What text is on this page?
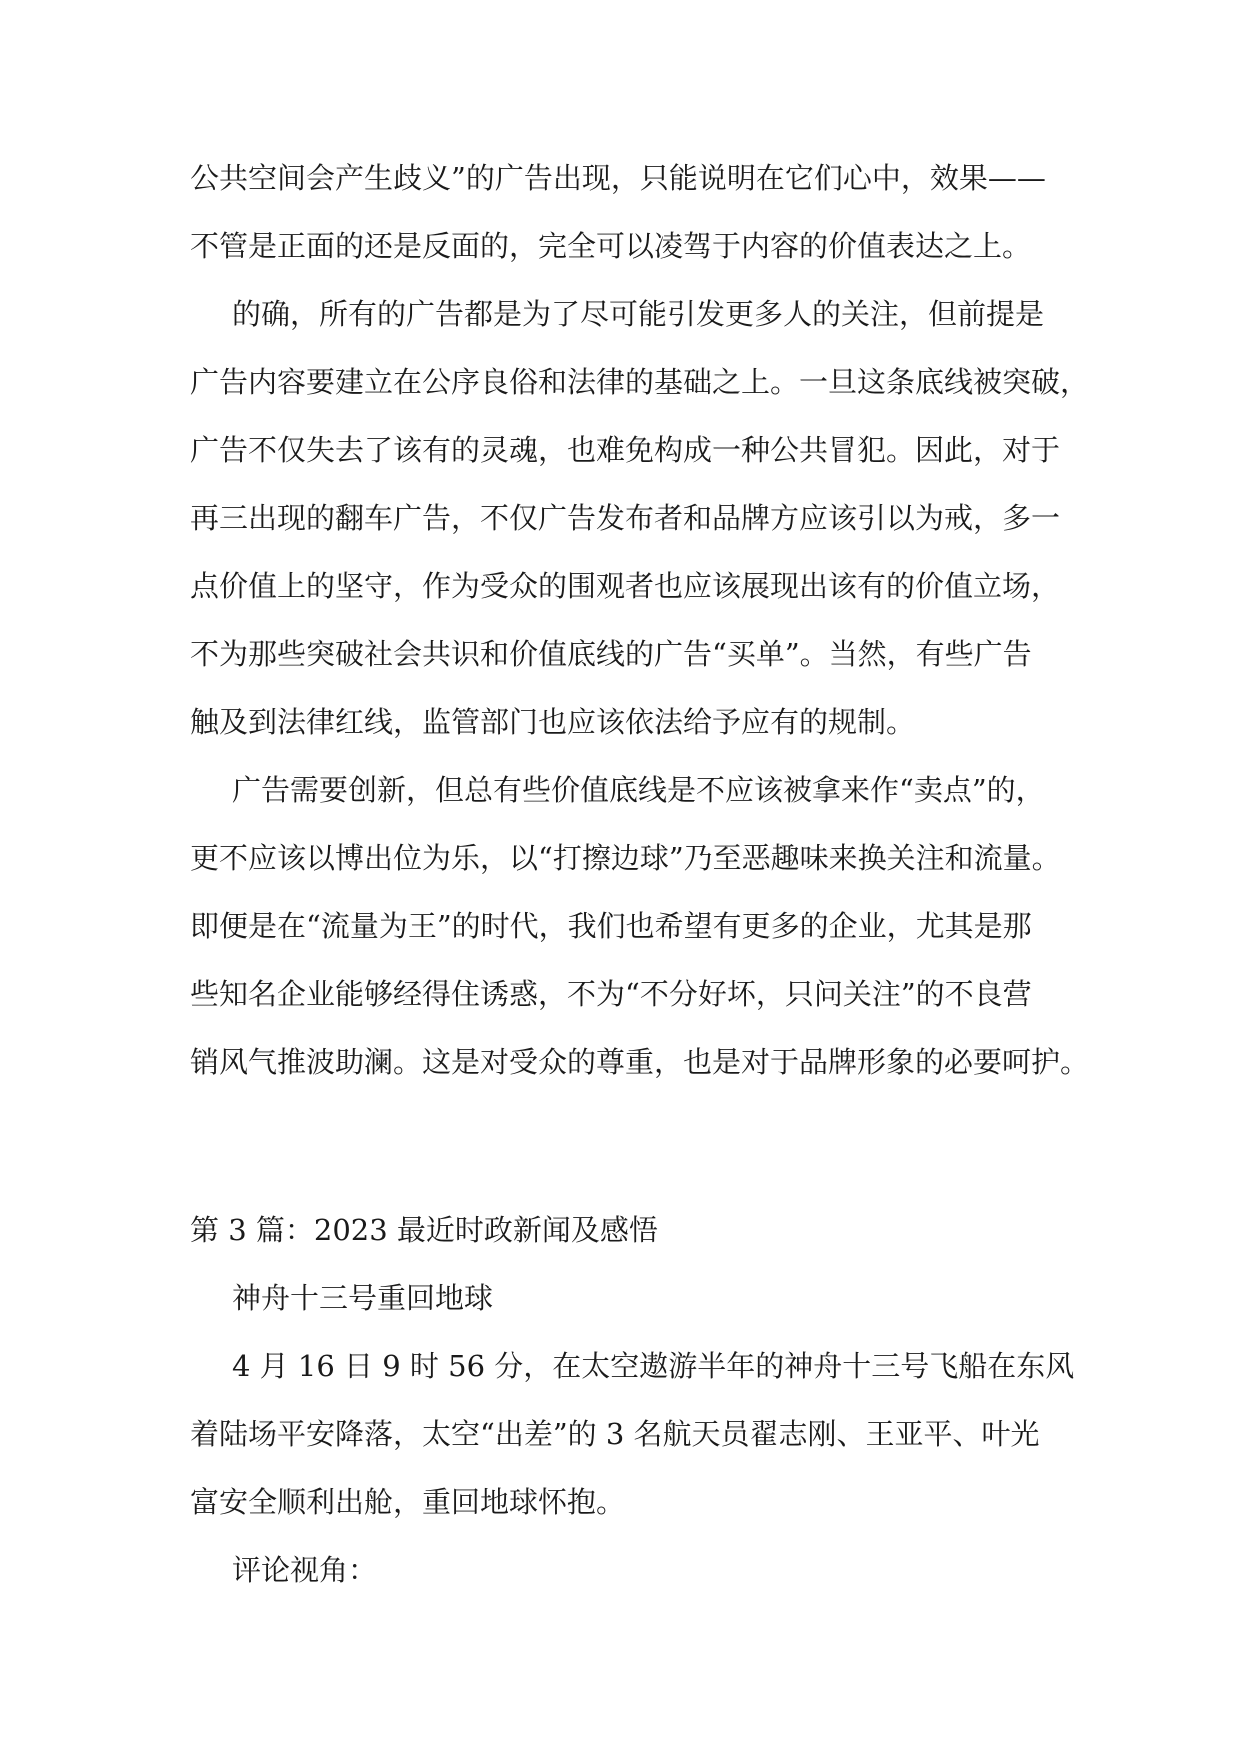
公共空间会产生歧义”的广告出现，只能说明在它们心中，效果——
不管是正面的还是反面的，完全可以凌驾于内容的价值表达之上。
的确，所有的广告都是为了尽可能引发更多人的关注，但前提是
广告内容要建立在公序良俗和法律的基础之上。一旦这条底线被突破，
广告不仅失去了该有的灵魂，也难免构成一种公共冒犯。因此，对于
再三出现的翻车广告，不仅广告发布者和品牌方应该引以为戒，多一
点价值上的坚守，作为受众的围观者也应该展现出该有的价值立场，
不为那些突破社会共识和价值底线的广告“买单”。当然，有些广告
触及到法律红线，监管部门也应该依法给予应有的规制。
广告需要创新，但总有些价值底线是不应该被拿来作“卖点”的，
更不应该以博出位为乐，以“打擦边球”乃至恶趣味来换关注和流量。
即便是在“流量为王”的时代，我们也希望有更多的企业，尤其是那
些知名企业能够经得住诱惑，不为“不分好坏，只问关注”的不良营
销风气推波助澜。这是对受众的尊重，也是对于品牌形象的必要呵护。
第 3 篇：2023 最近时政新闻及感悟
神舟十三号重回地球
4 月 16 日 9 时 56 分，在太空遨游半年的神舟十三号飞船在东风
着陆场平安降落，太空“出差”的 3 名航天员翟志刚、王亚平、叶光
富安全顺利出舱，重回地球怀抱。
评论视角：
